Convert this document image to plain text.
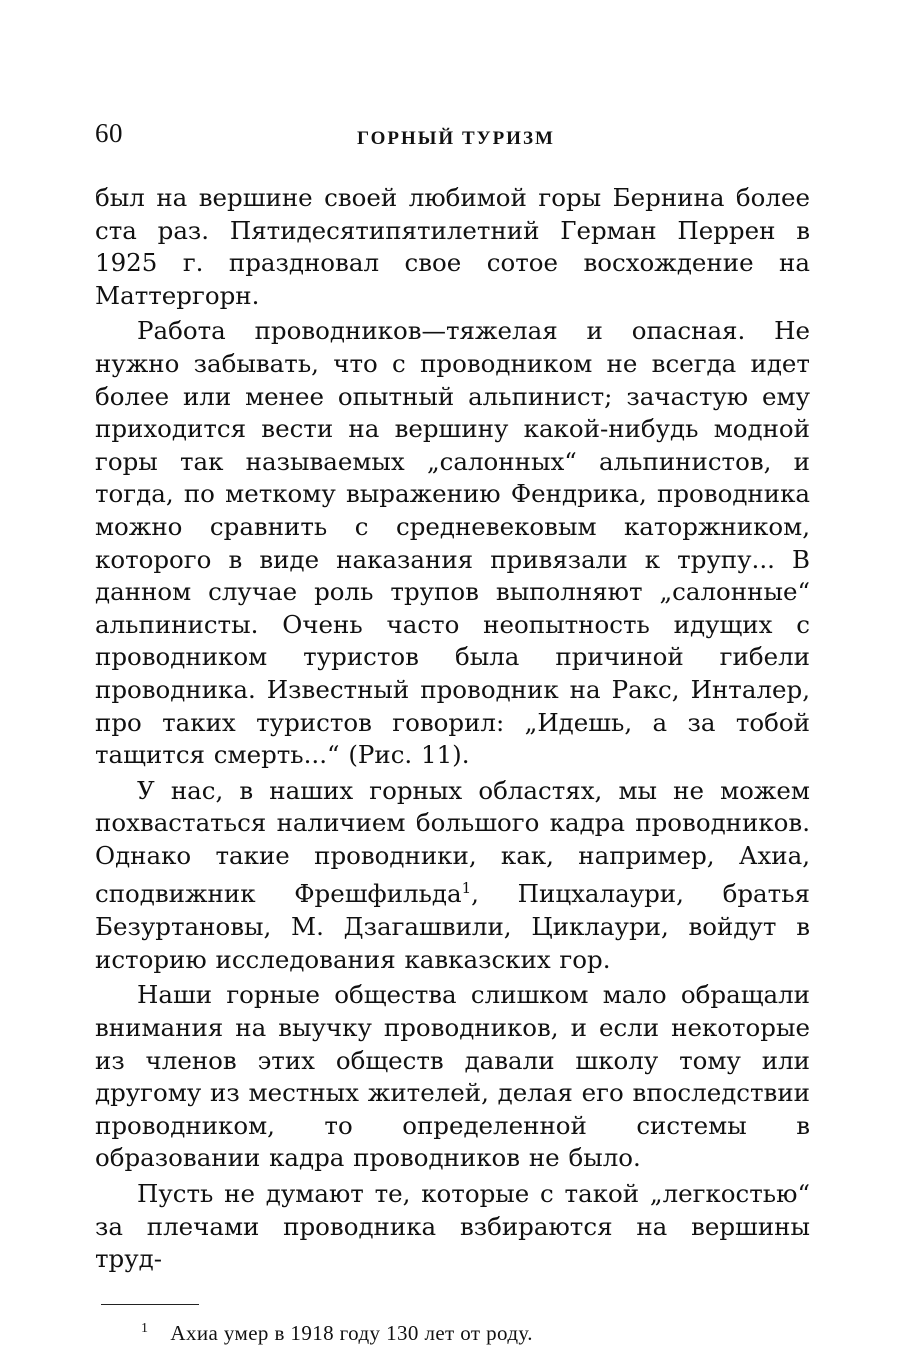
60	ГОРНЫЙ ТУРИЗМ

был на вершине своей любимой горы Бернина более ста раз. Пятидесятипятилетний Герман Перрен в 1925 г. праздновал свое сотое восхождение на Маттергорн.

Работа проводников—тяжелая и опасная. Не нужно забывать, что с проводником не всегда идет более или менее опытный альпинист; зачастую ему приходится вести на вершину какой-нибудь модной горы так называемых „салонных“ альпинистов, и тогда, по меткому выражению Фендрика, проводника можно сравнить с средневековым каторжником, которого в виде наказания привязали к трупу... В данном случае роль трупов выполняют „салонные“ альпинисты. Очень часто неопытность идущих с проводником туристов была причиной гибели проводника. Известный проводник на Ракс, Инталер, про таких туристов говорил: „Идешь, а за тобой тащится смерть...“ (Рис. 11).

У нас, в наших горных областях, мы не можем похвастаться наличием большого кадра проводников. Однако такие проводники, как, например, Ахиа, сподвижник Фрешфильда$^1$, Пицхалаури, братья Безуртановы, М. Дзагашвили, Циклаури, войдут в историю исследования кавказских гор.

Наши горные общества слишком мало обращали внимания на выучку проводников, и если некоторые из членов этих обществ давали школу тому или другому из местных жителей, делая его впоследствии проводником, то определенной системы в образовании кадра проводников не было.

Пусть не думают те, которые с такой „легкостью“ за плечами проводника взбираются на вершины труд-

$^1$ Ахиа умер в 1918 году 130 лет от роду.
